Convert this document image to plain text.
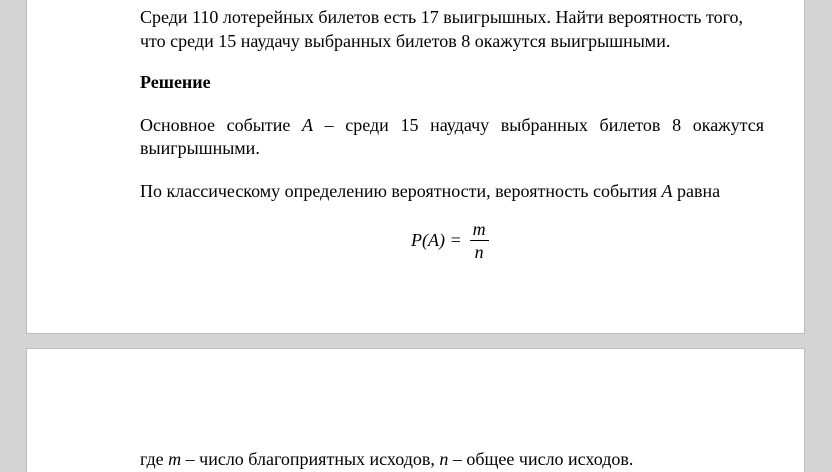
Среди 110 лотерейных билетов есть 17 выигрышных. Найти вероятность того,
что среди 15 наудачу выбранных билетов 8 окажутся выигрышными.
Решение
Основное событие A – среди 15 наудачу выбранных билетов 8 окажутся
выигрышными.
По классическому определению вероятности, вероятность события A равна
$P(A) = \frac{m}{n}$
где m – число благоприятных исходов, n – общее число исходов.
